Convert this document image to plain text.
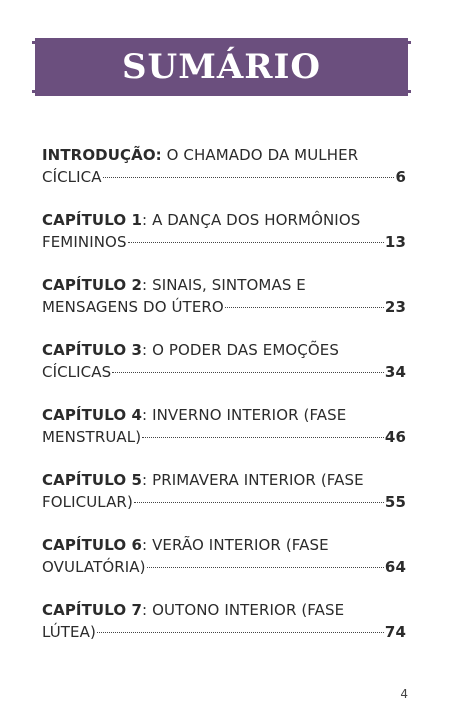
SUMÁRIO
INTRODUÇÃO: O CHAMADO DA MULHER
CÍCLICA	6
CAPÍTULO 1: A DANÇA DOS HORMÔNIOS
FEMININOS	13
CAPÍTULO 2: SINAIS, SINTOMAS E
MENSAGENS DO ÚTERO	23
CAPÍTULO 3: O PODER DAS EMOÇÕES
CÍCLICAS	34
CAPÍTULO 4: INVERNO INTERIOR (FASE
MENSTRUAL)	46
CAPÍTULO 5: PRIMAVERA INTERIOR (FASE
FOLICULAR)	55
CAPÍTULO 6: VERÃO INTERIOR (FASE
OVULATÓRIA)	64
CAPÍTULO 7: OUTONO INTERIOR (FASE
LÚTEA)	74
4
